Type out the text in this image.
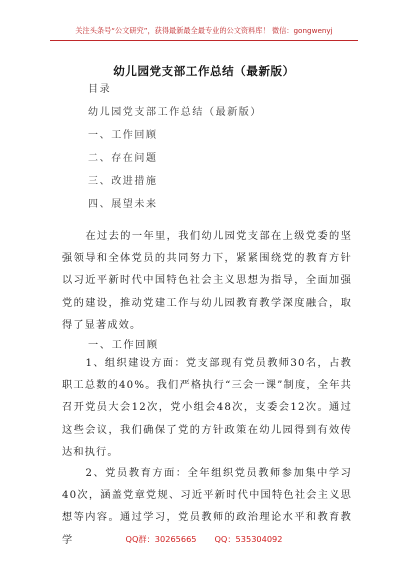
关注头条号“公文研究”，获得最新最全最专业的公文资料库！ 微信：gongwenyj
幼儿园党支部工作总结（最新版）
目录
幼儿园党支部工作总结（最新版）
一、工作回顾
二、存在问题
三、改进措施
四、展望未来
在过去的一年里，我们幼儿园党支部在上级党委的坚强领导和全体党员的共同努力下，紧紧围绕党的教育方针以习近平新时代中国特色社会主义思想为指导，全面加强党的建设，推动党建工作与幼儿园教育教学深度融合，取得了显著成效。
一、工作回顾
1、组织建设方面：党支部现有党员教师30名，占教职工总数的40%。我们严格执行“三会一课”制度，全年共召开党员大会12次，党小组会48次，支委会12次。通过这些会议，我们确保了党的方针政策在幼儿园得到有效传达和执行。
2、党员教育方面：全年组织党员教师参加集中学习40次，涵盖党章党规、习近平新时代中国特色社会主义思想等内容。通过学习，党员教师的政治理论水平和教育教学	QQ群：30265665 QQ：535304092
